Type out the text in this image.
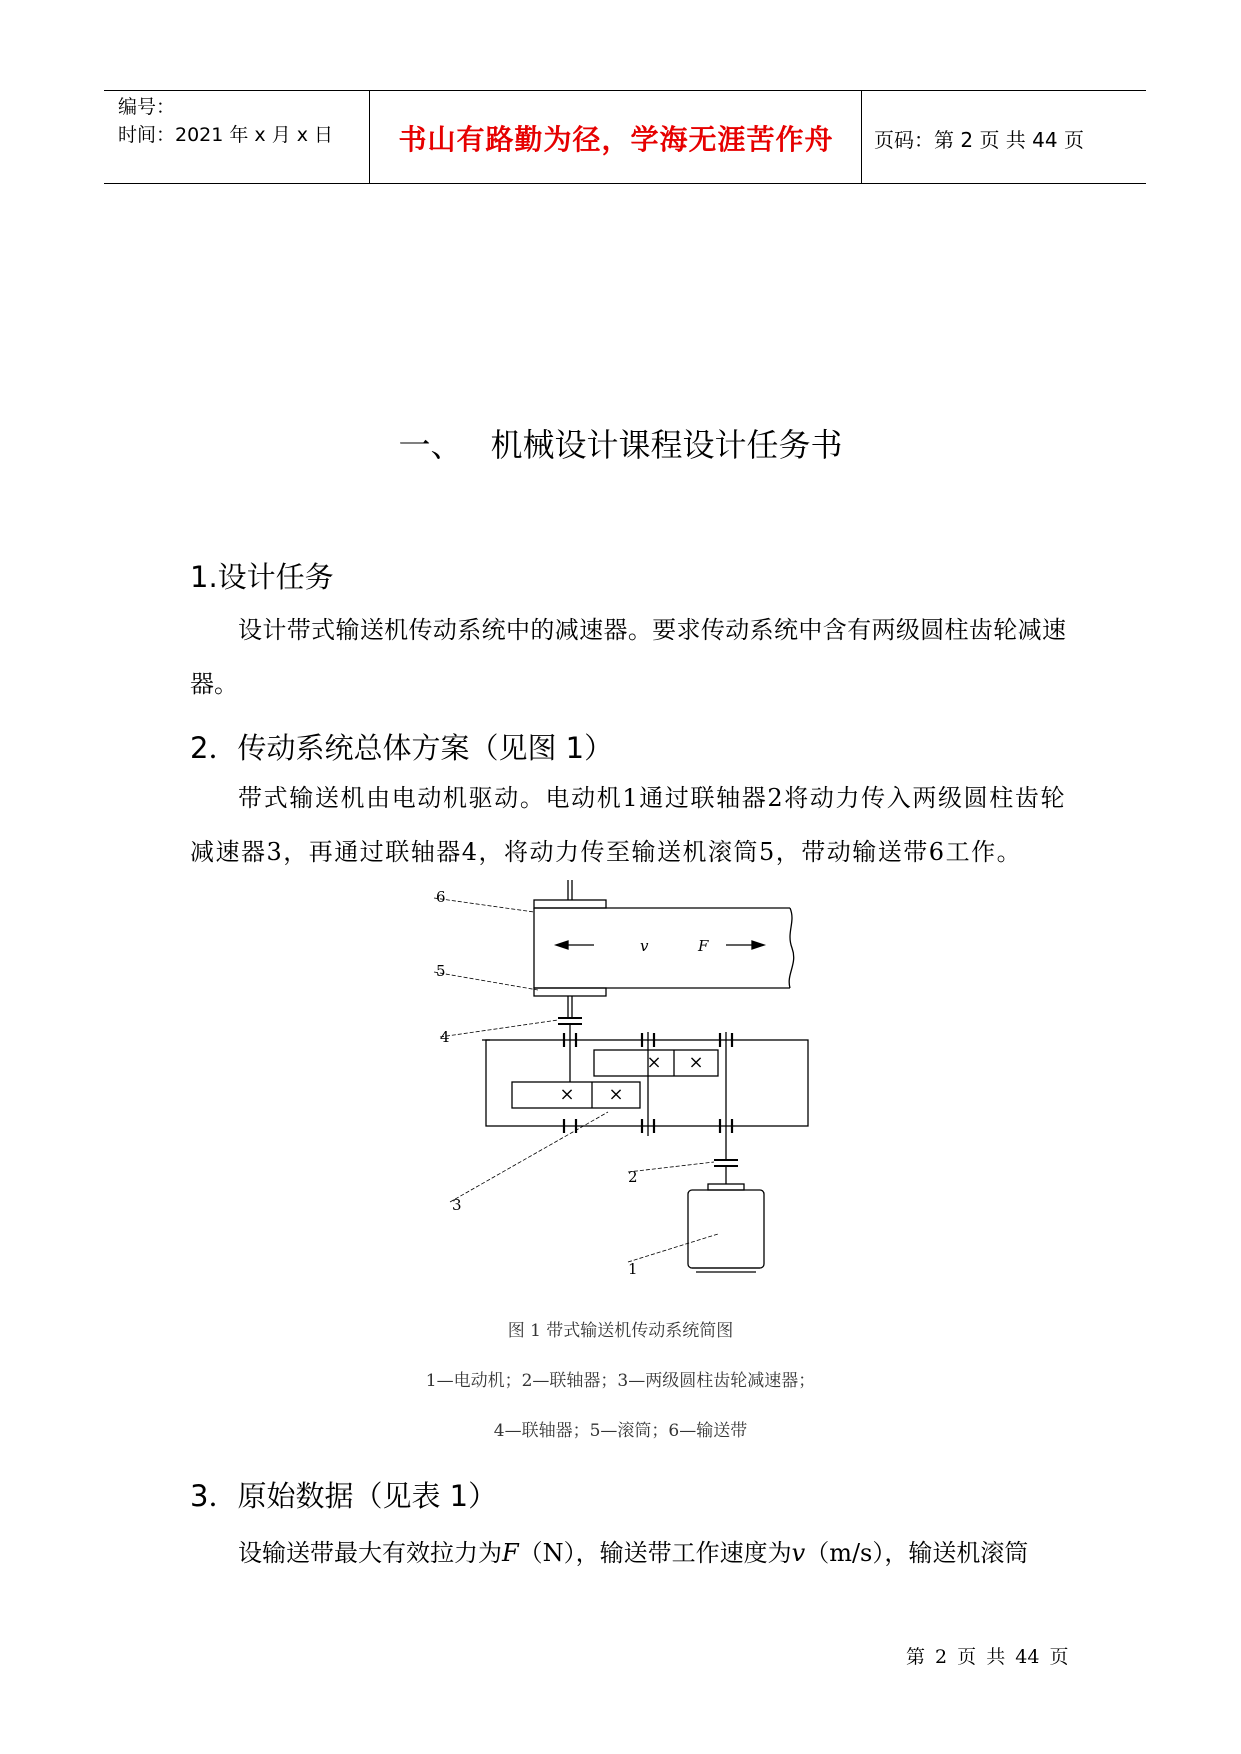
编号：
时间：2021 年 x 月 x 日	书山有路勤为径，学海无涯苦作舟	页码：第 2 页 共 44 页
一、 机械设计课程设计任务书
1.设计任务
设计带式输送机传动系统中的减速器。要求传动系统中含有两级圆柱齿轮减速器。
2．传动系统总体方案（见图 1）
带式输送机由电动机驱动。电动机1通过联轴器2将动力传入两级圆柱齿轮减速器3，再通过联轴器4，将动力传至输送机滚筒5，带动输送带6工作。
× ×
× ×
v	F
6
5
4
3
2
1
图 1 带式输送机传动系统简图
1—电动机；2—联轴器；3—两级圆柱齿轮减速器；
4—联轴器；5—滚筒；6—输送带
3．原始数据（见表 1）
设输送带最大有效拉力为F（N），输送带工作速度为v（m/s），输送机滚筒
第 2 页 共 44 页
